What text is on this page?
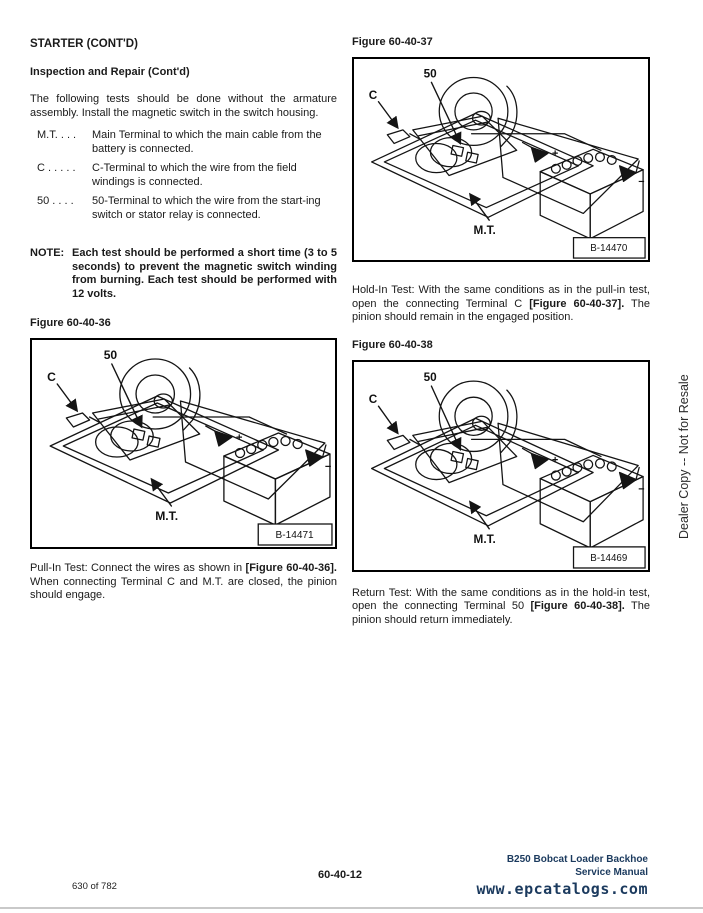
STARTER (CONT'D)
Inspection and Repair (Cont'd)

The following tests should be done without the armature assembly. Install the magnetic switch in the switch housing.

M.T. . . .	Main Terminal to which the main cable from the battery is connected.
C . . . . .	C-Terminal to which the wire from the field windings is connected.
50 . . . .	50-Terminal to which the wire from the start-ing switch or stator relay is connected.
NOTE: Each test should be performed a short time (3 to 5 seconds) to prevent the magnetic switch winding from burning. Each test should be performed with 12 volts.
Figure 60-40-36
50
C
M.T.
+
−
B-14471

Pull-In Test: Connect the wires as shown in [Figure 60-40-36]. When connecting Terminal C and M.T. are closed, the pinion should engage.

Figure 60-40-37
50
C
M.T.
+
−
B-14470

Hold-In Test: With the same conditions as in the pull-in test, open the connecting Terminal C [Figure 60-40-37]. The pinion should remain in the engaged position.

Figure 60-40-38
50
C
M.T.
+
−
B-14469

Return Test: With the same conditions as in the hold-in test, open the connecting Terminal 50 [Figure 60-40-38]. The pinion should return immediately.

Dealer Copy -- Not for Resale
630 of 782
60-40-12
B250 Bobcat Loader Backhoe
Service Manual
www.epcatalogs.com
